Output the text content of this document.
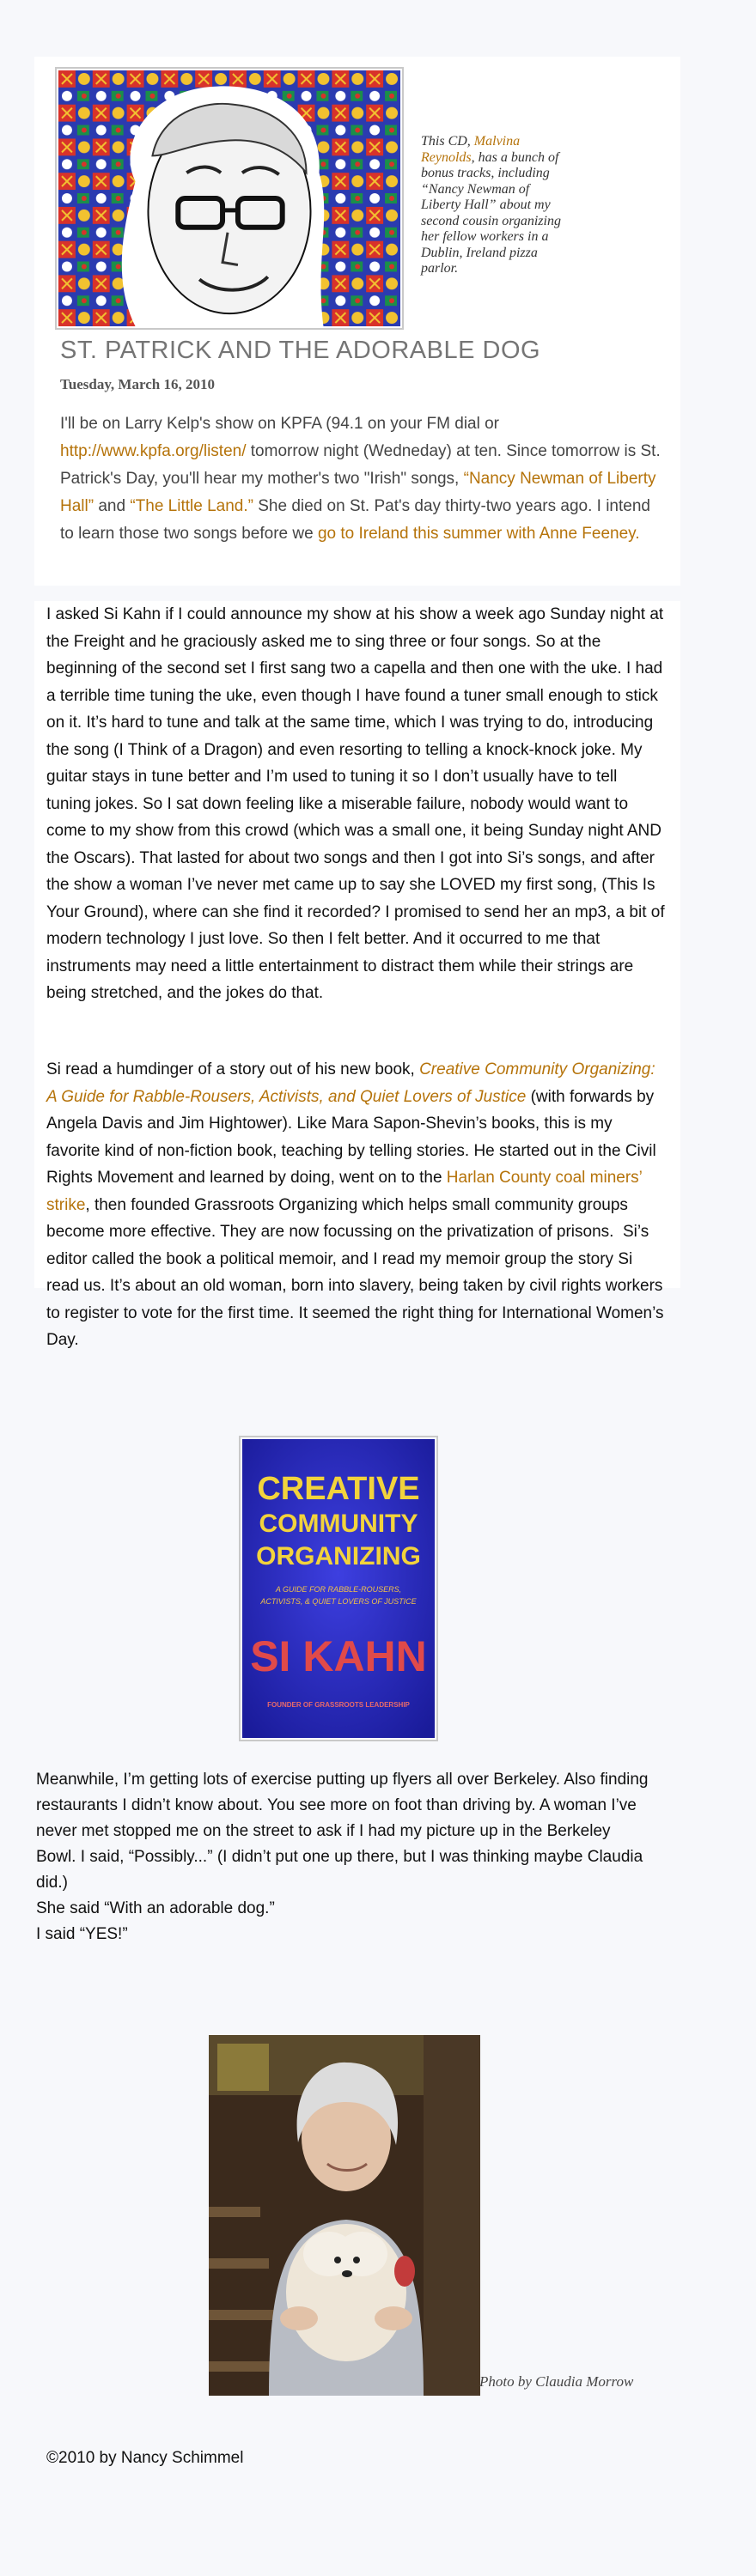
This CD, Malvina Reynolds, has a bunch of bonus tracks, including “Nancy Newman of Liberty Hall” about my second cousin organizing her fellow workers in a Dublin, Ireland pizza parlor.
ST. PATRICK AND THE ADORABLE DOG
Tuesday, March 16, 2010
I'll be on Larry Kelp's show on KPFA (94.1 on your FM dial or http://www.kpfa.org/listen/ tomorrow night (Wedneday) at ten. Since tomorrow is St. Patrick's Day, you'll hear my mother's two "Irish" songs, “Nancy Newman of Liberty Hall” and “The Little Land.” She died on St. Pat's day thirty-two years ago. I intend to learn those two songs before we go to Ireland this summer with Anne Feeney.
I asked Si Kahn if I could announce my show at his show a week ago Sunday night at the Freight and he graciously asked me to sing three or four songs. So at the beginning of the second set I first sang two a capella and then one with the uke. I had a terrible time tuning the uke, even though I have found a tuner small enough to stick on it. It’s hard to tune and talk at the same time, which I was trying to do, introducing the song (I Think of a Dragon) and even resorting to telling a knock-knock joke. My guitar stays in tune better and I’m used to tuning it so I don’t usually have to tell tuning jokes. So I sat down feeling like a miserable failure, nobody would want to come to my show from this crowd (which was a small one, it being Sunday night AND the Oscars). That lasted for about two songs and then I got into Si’s songs, and after the show a woman I’ve never met came up to say she LOVED my first song, (This Is Your Ground), where can she find it recorded? I promised to send her an mp3, a bit of modern technology I just love. So then I felt better. And it occurred to me that instruments may need a little entertainment to distract them while their strings are being stretched, and the jokes do that.
Si read a humdinger of a story out of his new book, Creative Community Organizing: A Guide for Rabble-Rousers, Activists, and Quiet Lovers of Justice (with forwards by Angela Davis and Jim Hightower). Like Mara Sapon-Shevin’s books, this is my favorite kind of non-fiction book, teaching by telling stories. He started out in the Civil Rights Movement and learned by doing, went on to the Harlan County coal miners’ strike, then founded Grassroots Organizing which helps small community groups become more effective. They are now focussing on the privatization of prisons.  Si’s editor called the book a political memoir, and I read my memoir group the story Si read us. It’s about an old woman, born into slavery, being taken by civil rights workers to register to vote for the first time. It seemed the right thing for International Women’s Day.
CREATIVE
COMMUNITY
ORGANIZING
A GUIDE FOR RABBLE-ROUSERS,
ACTIVISTS, & QUIET LOVERS OF JUSTICE
SI KAHN
FOUNDER OF GRASSROOTS LEADERSHIP
Meanwhile, I’m getting lots of exercise putting up flyers all over Berkeley. Also finding restaurants I didn’t know about. You see more on foot than driving by. A woman I’ve never met stopped me on the street to ask if I had my picture up in the Berkeley Bowl. I said, “Possibly...” (I didn’t put one up there, but I was thinking maybe Claudia did.)
She said “With an adorable dog.”
I said “YES!”
Photo by Claudia Morrow
©2010 by Nancy Schimmel
